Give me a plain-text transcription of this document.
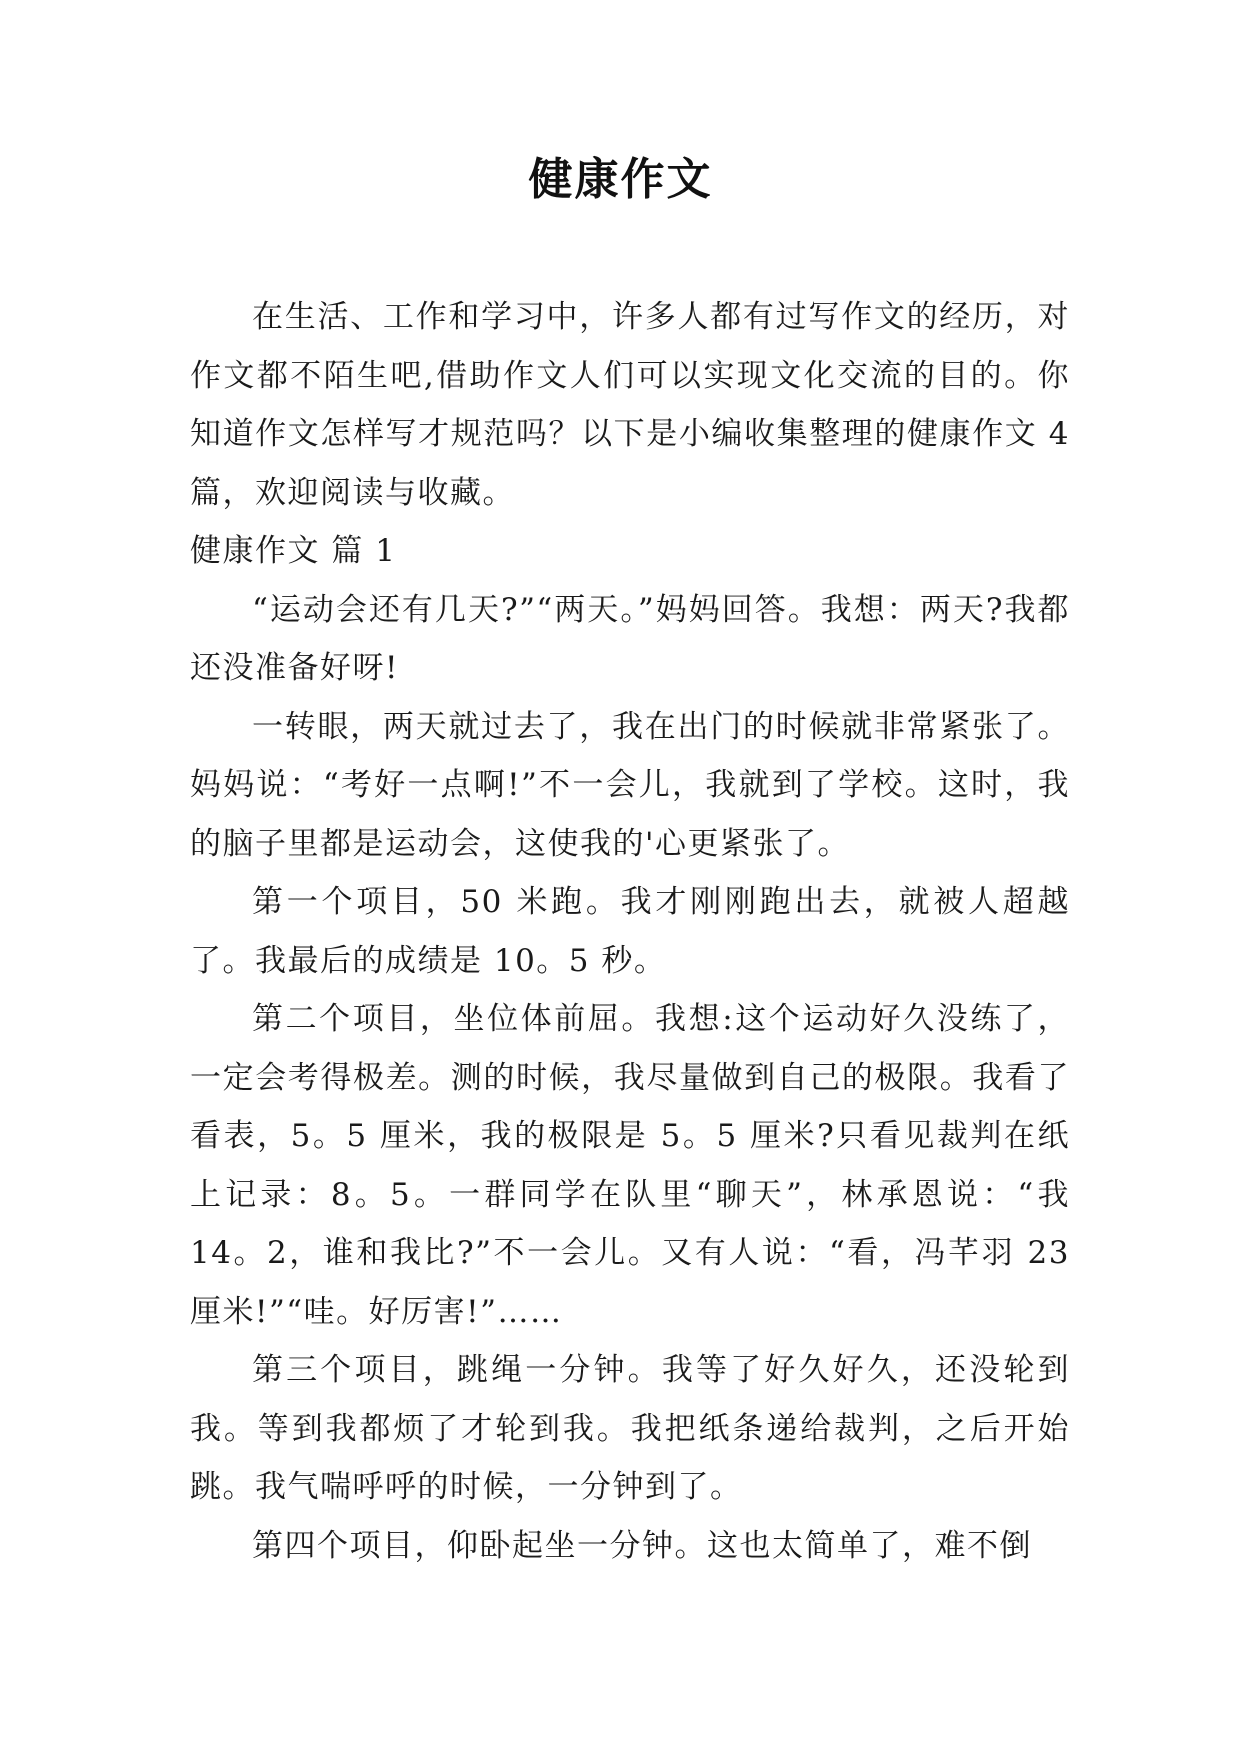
健康作文

在生活、工作和学习中，许多人都有过写作文的经历，对作文都不陌生吧,借助作文人们可以实现文化交流的目的。你知道作文怎样写才规范吗？以下是小编收集整理的健康作文 4 篇，欢迎阅读与收藏。

健康作文 篇 1

“运动会还有几天?”“两天。”妈妈回答。我想：两天?我都还没准备好呀!

一转眼，两天就过去了，我在出门的时候就非常紧张了。妈妈说：“考好一点啊!”不一会儿，我就到了学校。这时，我的脑子里都是运动会，这使我的'心更紧张了。

第一个项目，50 米跑。我才刚刚跑出去，就被人超越了。我最后的成绩是 10。5 秒。

第二个项目，坐位体前屈。我想:这个运动好久没练了，一定会考得极差。测的时候，我尽量做到自己的极限。我看了看表，5。5 厘米，我的极限是 5。5 厘米?只看见裁判在纸上记录：8。5。一群同学在队里“聊天”，林承恩说：“我 14。2，谁和我比?”不一会儿。又有人说：“看，冯芊羽 23 厘米!”“哇。好厉害!”……

第三个项目，跳绳一分钟。我等了好久好久，还没轮到我。等到我都烦了才轮到我。我把纸条递给裁判，之后开始跳。我气喘呼呼的时候，一分钟到了。

第四个项目，仰卧起坐一分钟。这也太简单了，难不倒
